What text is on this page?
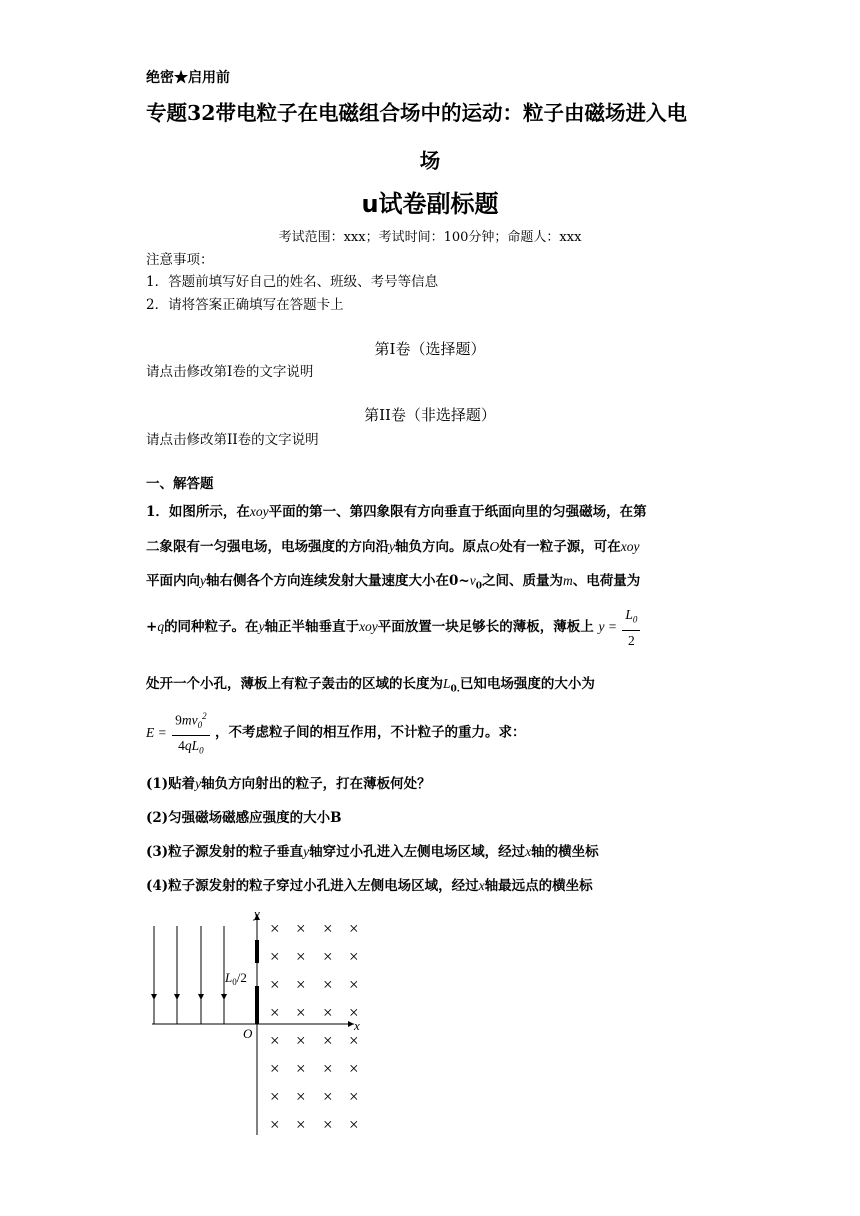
绝密★启用前
专题32带电粒子在电磁组合场中的运动：粒子由磁场进入电
场
u试卷副标题
考试范围：xxx；考试时间：100分钟；命题人：xxx
注意事项：
1．答题前填写好自己的姓名、班级、考号等信息
2．请将答案正确填写在答题卡上
第I卷（选择题）
请点击修改第I卷的文字说明
第II卷（非选择题）
请点击修改第II卷的文字说明
一、解答题
1．如图所示，在xoy平面的第一、第四象限有方向垂直于纸面向里的匀强磁场，在第
二象限有一匀强电场，电场强度的方向沿y轴负方向。原点O处有一粒子源，可在xoy
平面内向y轴右侧各个方向连续发射大量速度大小在$0\sim v_0$之间、质量为m、电荷量为
+q的同种粒子。在y轴正半轴垂直于xoy平面放置一块足够长的薄板，薄板上 $y = \frac{L_0}{2}$
处开一个小孔，薄板上有粒子轰击的区域的长度为$L_{0.}$已知电场强度的大小为
$E = \frac{9mv_0^2}{4qL_0}$ ，不考虑粒子间的相互作用，不计粒子的重力。求：
(1)贴着y轴负方向射出的粒子，打在薄板何处？
(2)匀强磁场磁感应强度的大小B
(3)粒子源发射的粒子垂直y轴穿过小孔进入左侧电场区域，经过x轴的横坐标
(4)粒子源发射的粒子穿过小孔进入左侧电场区域，经过x轴最远点的横坐标
y
x
O
$L_0/2$
× × × ×
× × × ×
× × × ×
× × × ×
× × × ×
× × × ×
× × × ×
× × × ×
